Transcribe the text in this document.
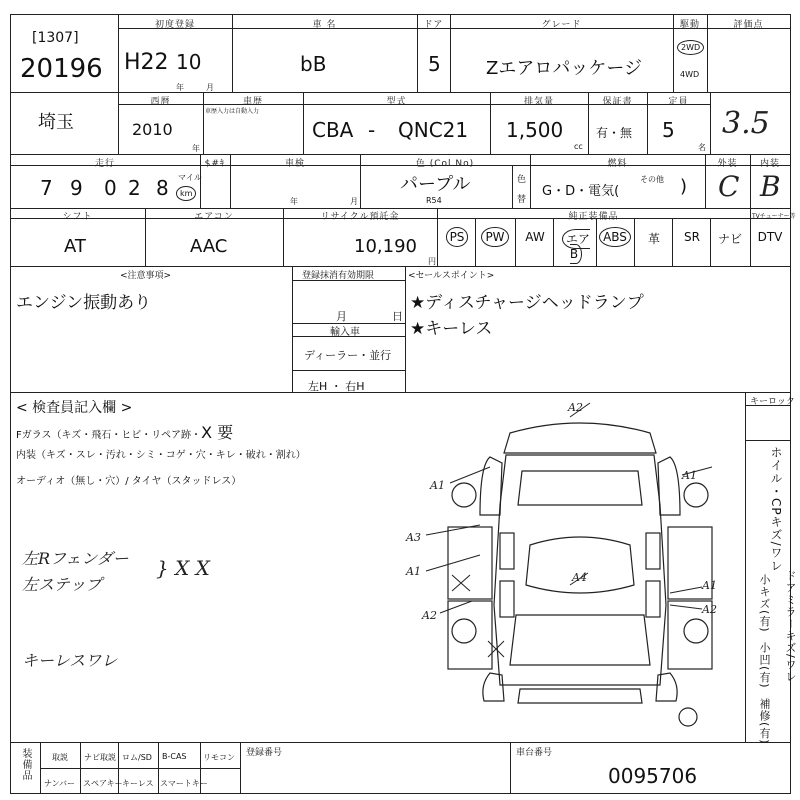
[1307]
20196
初度登録
H22 10
年	月
車 名
bB
ドア
5
グレード
Zエアロパッケージ
駆動
2WD
4WD
評価点
埼玉
西暦
2010
年
車歴
車歴入力は自動入力
型式
CBA - QNC21
排気量
1,500
cc
保証書
有・無
定員
5
名
3.5
走行	$#ｷ
7 9 0 2 8 マイル
km
車検
年	月
色 (Col.No)
パープル
R54
色
替
燃料
G・D・電気(
その他 )
外装
C
内装
B
シフト
AT
エアコン
AAC
リサイクル預託金
10,190
円
純正装備品	TVチューナー等
PS	PW	AW	エアB
ABS	革	SR	ナビ	DTV
<注意事項>
エンジン振動あり
登録抹消有効期限
月	日
輸入車
ディーラー・並行
左H ・ 右H
<セールスポイント>
★ディスチャージヘッドランプ
★キーレス
< 検査員記入欄 >
Fガラス（キズ・飛石・ヒビ・リペア跡・X 要
内装（キズ・スレ・汚れ・シミ・コゲ・穴・キレ・破れ・割れ）
オーディオ（無し・穴）/ タイヤ（スタッドレス）
左Rフェンダー
左ステップ
} X X
キーレスワレ
キーロック
ホイル・CPキズ/ワレ
ドアミラーキズ/ワレ
小キズ(有)
小凹(有)
補修(有)
A2
A1
A1
A3
A1	A4
A1
A2
A2
装備品	取説 ナビ取説 ロム/SD B-CAS リモコン
ナンバー スペアキー キーレス スマートキー
登録番号	車台番号
0095706
